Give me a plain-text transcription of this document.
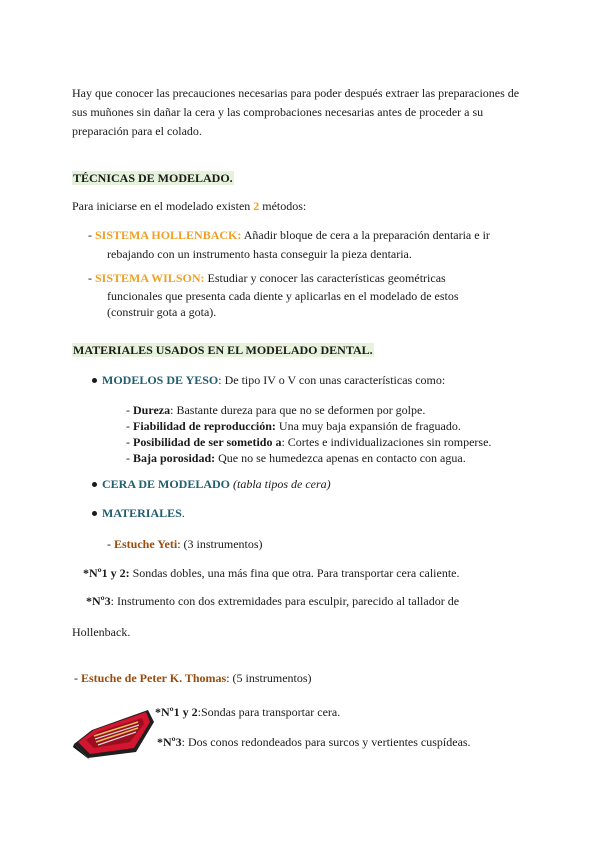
Hay que conocer las precauciones necesarias para poder después extraer las preparaciones de
sus muñones sin dañar la cera y las comprobaciones necesarias antes de proceder a su
preparación para el colado.
TÉCNICAS DE MODELADO.
Para iniciarse en el modelado existen 2 métodos:
- SISTEMA HOLLENBACK: Añadir bloque de cera a la preparación dentaria e ir
rebajando con un instrumento hasta conseguir la pieza dentaria.
- SISTEMA WILSON: Estudiar y conocer las características geométricas
funcionales que presenta cada diente y aplicarlas en el modelado de estos
(construir gota a gota).
MATERIALES USADOS EN EL MODELADO DENTAL.
MODELOS DE YESO: De tipo IV o V con unas características como:
- Dureza: Bastante dureza para que no se deformen por golpe.
- Fiabilidad de reproducción: Una muy baja expansión de fraguado.
- Posibilidad de ser sometido a: Cortes e individualizaciones sin romperse.
- Baja porosidad: Que no se humedezca apenas en contacto con agua.
CERA DE MODELADO (tabla tipos de cera)
MATERIALES.
- Estuche Yeti: (3 instrumentos)
*Nº1 y 2: Sondas dobles, una más fina que otra. Para transportar cera caliente.
*Nº3: Instrumento con dos extremidades para esculpir, parecido al tallador de
Hollenback.
- Estuche de Peter K. Thomas: (5 instrumentos)
*Nº1 y 2:Sondas para transportar cera.
*Nº3: Dos conos redondeados para surcos y vertientes cuspídeas.
